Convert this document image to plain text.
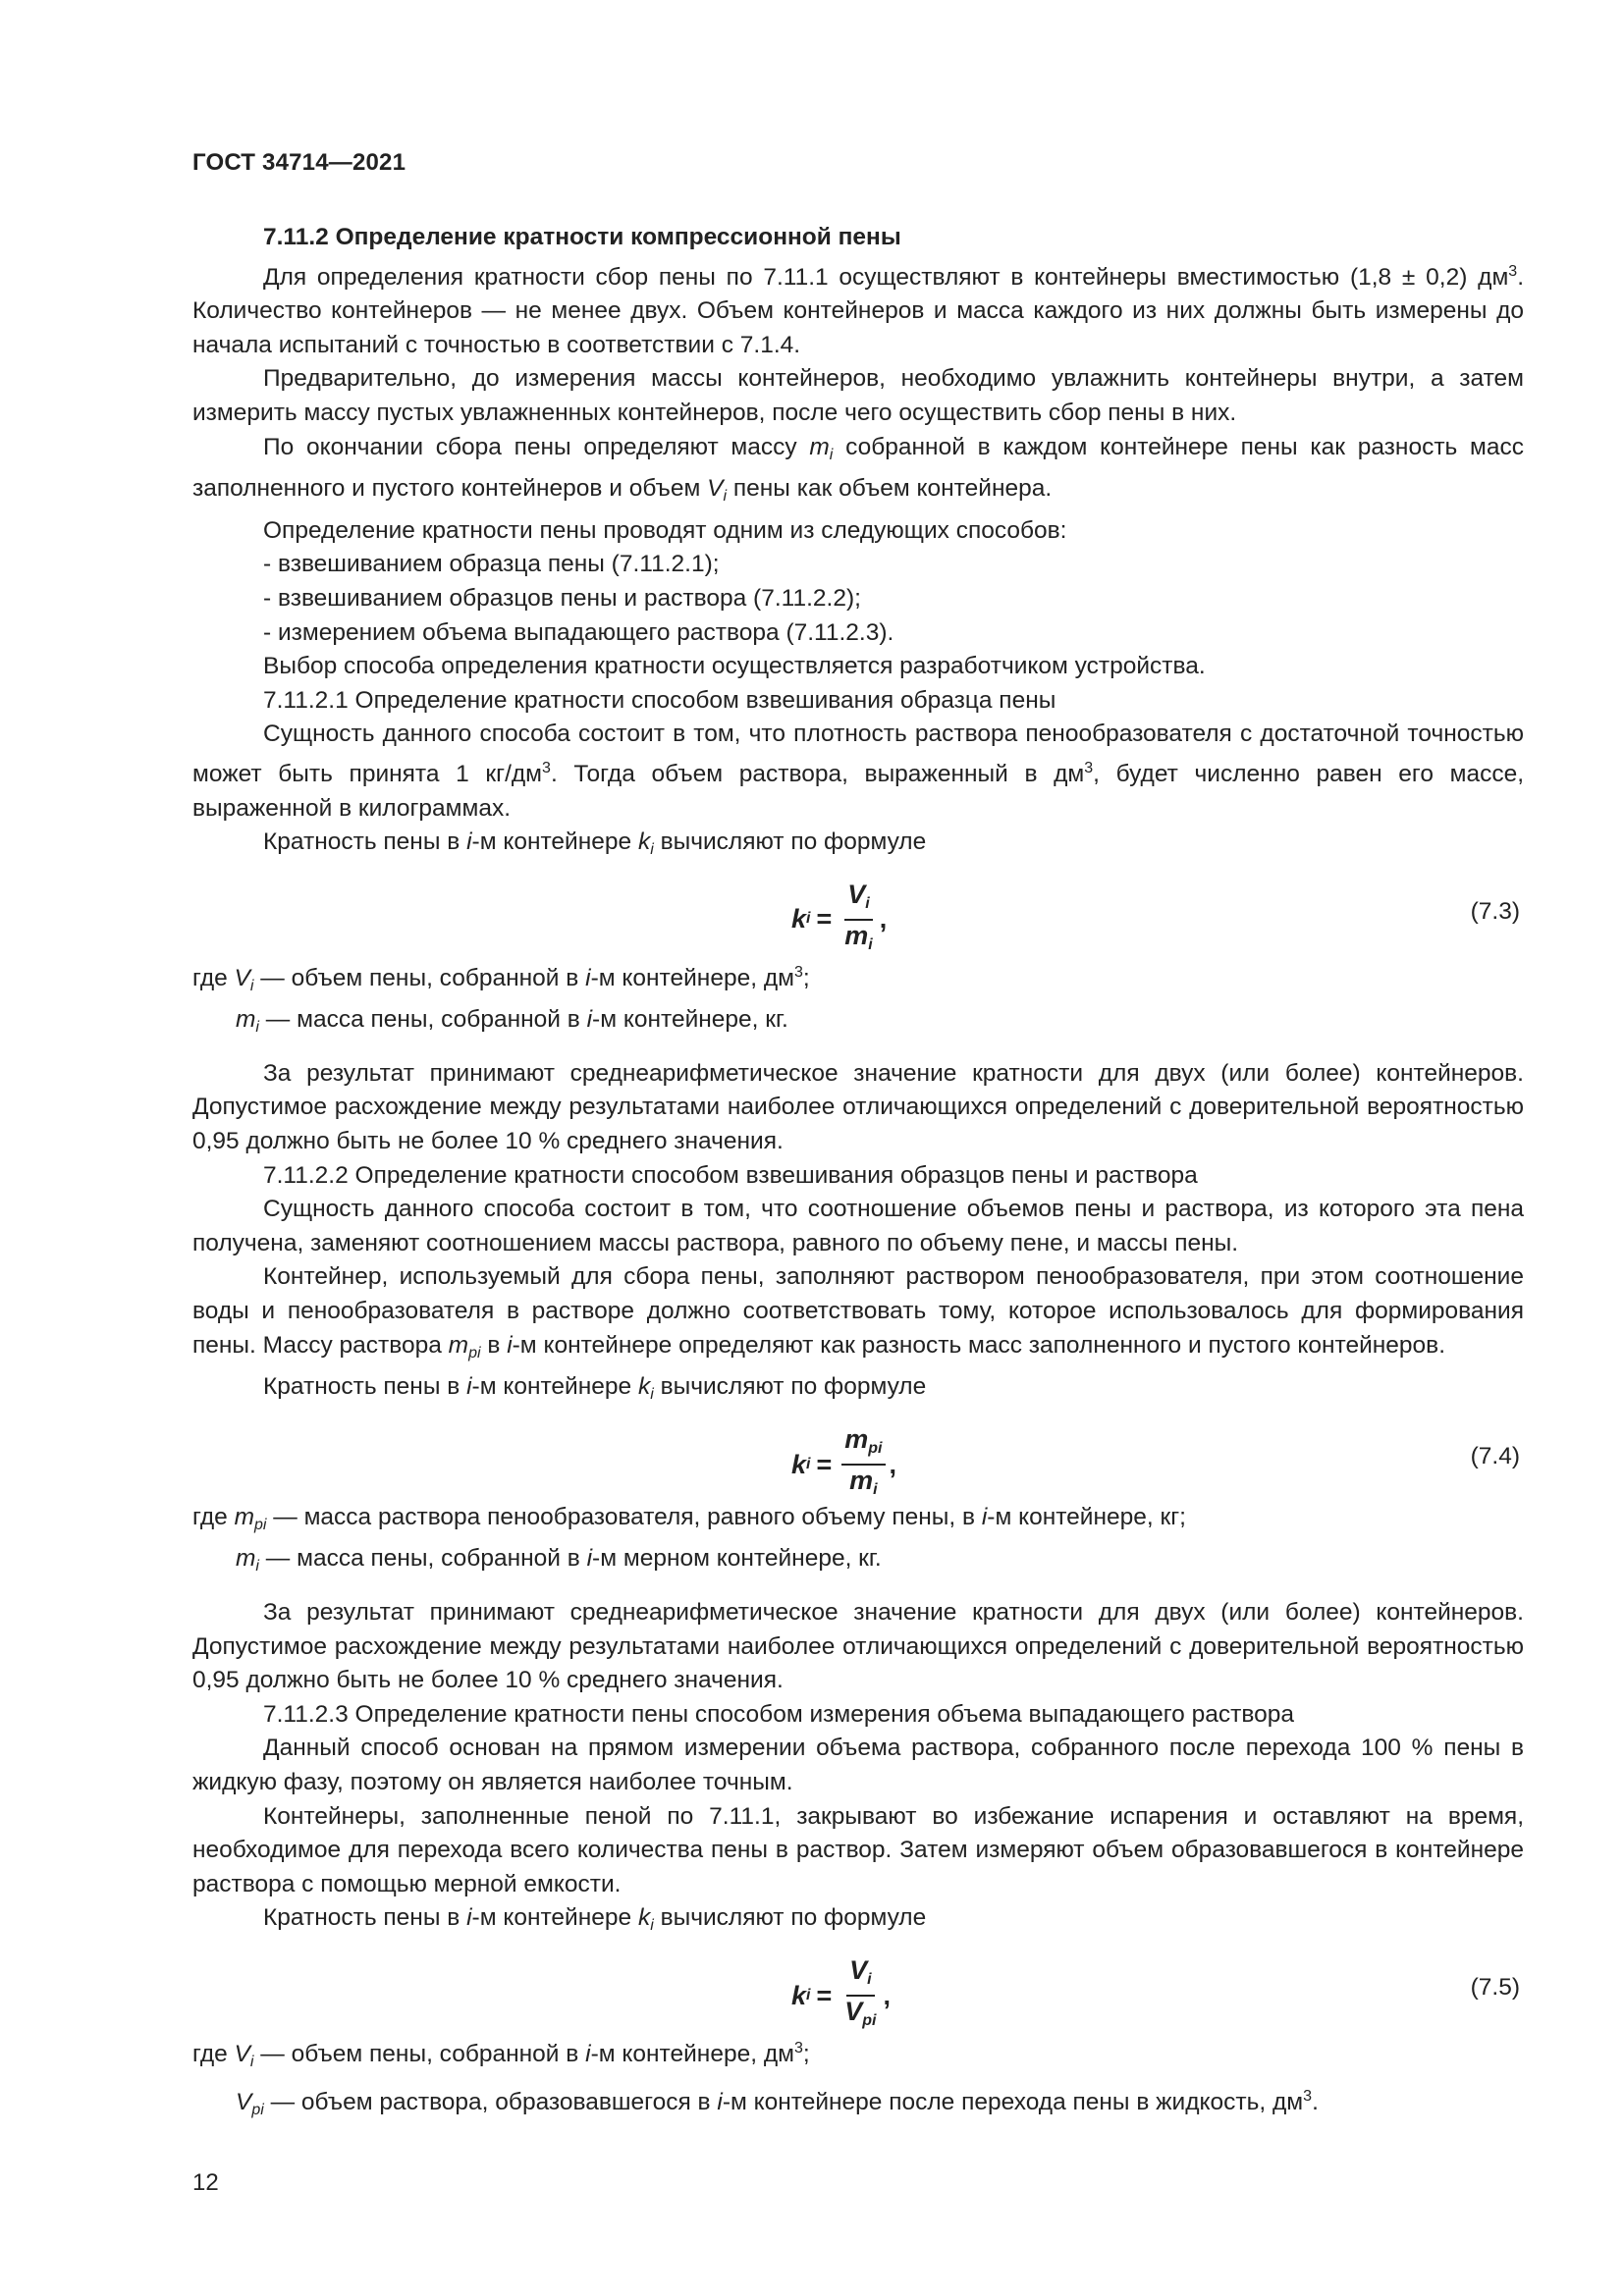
ГОСТ 34714—2021

7.11.2 Определение кратности компрессионной пены

Для определения кратности сбор пены по 7.11.1 осуществляют в контейнеры вместимостью (1,8 ± 0,2) $дм^3$. Количество контейнеров — не менее двух. Объем контейнеров и масса каждого из них должны быть измерены до начала испытаний с точностью в соответствии с 7.1.4.

Предварительно, до измерения массы контейнеров, необходимо увлажнить контейнеры внутри, а затем измерить массу пустых увлажненных контейнеров, после чего осуществить сбор пены в них.

По окончании сбора пены определяют массу $m_i$ собранной в каждом контейнере пены как разность масс заполненного и пустого контейнеров и объем $V_i$ пены как объем контейнера.

Определение кратности пены проводят одним из следующих способов:

- взвешиванием образца пены (7.11.2.1);

- взвешиванием образцов пены и раствора (7.11.2.2);

- измерением объема выпадающего раствора (7.11.2.3).

Выбор способа определения кратности осуществляется разработчиком устройства.

7.11.2.1 Определение кратности способом взвешивания образца пены

Сущность данного способа состоит в том, что плотность раствора пенообразователя с достаточной точностью может быть принята 1 $кг/дм^3$. Тогда объем раствора, выраженный в $дм^3$, будет численно равен его массе, выраженной в килограммах.

Кратность пены в i-м контейнере $k_i$ вычисляют по формуле

k $i = \frac{V_i}{m_i}$ ,	(7.3)

где $V_i$ — объем пены, собранной в i-м контейнере, $дм^3$;

$m_i$ — масса пены, собранной в i-м контейнере, кг.

За результат принимают среднеарифметическое значение кратности для двух (или более) контейнеров. Допустимое расхождение между результатами наиболее отличающихся определений с доверительной вероятностью 0,95 должно быть не более 10 % среднего значения.

7.11.2.2 Определение кратности способом взвешивания образцов пены и раствора

Сущность данного способа состоит в том, что соотношение объемов пены и раствора, из которого эта пена получена, заменяют соотношением массы раствора, равного по объему пене, и массы пены.

Контейнер, используемый для сбора пены, заполняют раствором пенообразователя, при этом соотношение воды и пенообразователя в растворе должно соответствовать тому, которое использовалось для формирования пены. Массу раствора $m_{pi}$ в i-м контейнере определяют как разность масс заполненного и пустого контейнеров.

Кратность пены в i-м контейнере $k_i$ вычисляют по формуле

k $i = \frac{m_{pi}}{m_i}$ ,	(7.4)

где $m_{pi}$ — масса раствора пенообразователя, равного объему пены, в i-м контейнере, кг;

$m_i$ — масса пены, собранной в i-м мерном контейнере, кг.

За результат принимают среднеарифметическое значение кратности для двух (или более) контейнеров. Допустимое расхождение между результатами наиболее отличающихся определений с доверительной вероятностью 0,95 должно быть не более 10 % среднего значения.

7.11.2.3 Определение кратности пены способом измерения объема выпадающего раствора

Данный способ основан на прямом измерении объема раствора, собранного после перехода 100 % пены в жидкую фазу, поэтому он является наиболее точным.

Контейнеры, заполненные пеной по 7.11.1, закрывают во избежание испарения и оставляют на время, необходимое для перехода всего количества пены в раствор. Затем измеряют объем образовавшегося в контейнере раствора с помощью мерной емкости.

Кратность пены в i-м контейнере $k_i$ вычисляют по формуле

k $i = \frac{V_i}{V_{pi}}$ ,	(7.5)

где $V_i$ — объем пены, собранной в i-м контейнере, $дм^3$;

$V_{pi}$ — объем раствора, образовавшегося в i-м контейнере после перехода пены в жидкость, $дм^3$.

12
